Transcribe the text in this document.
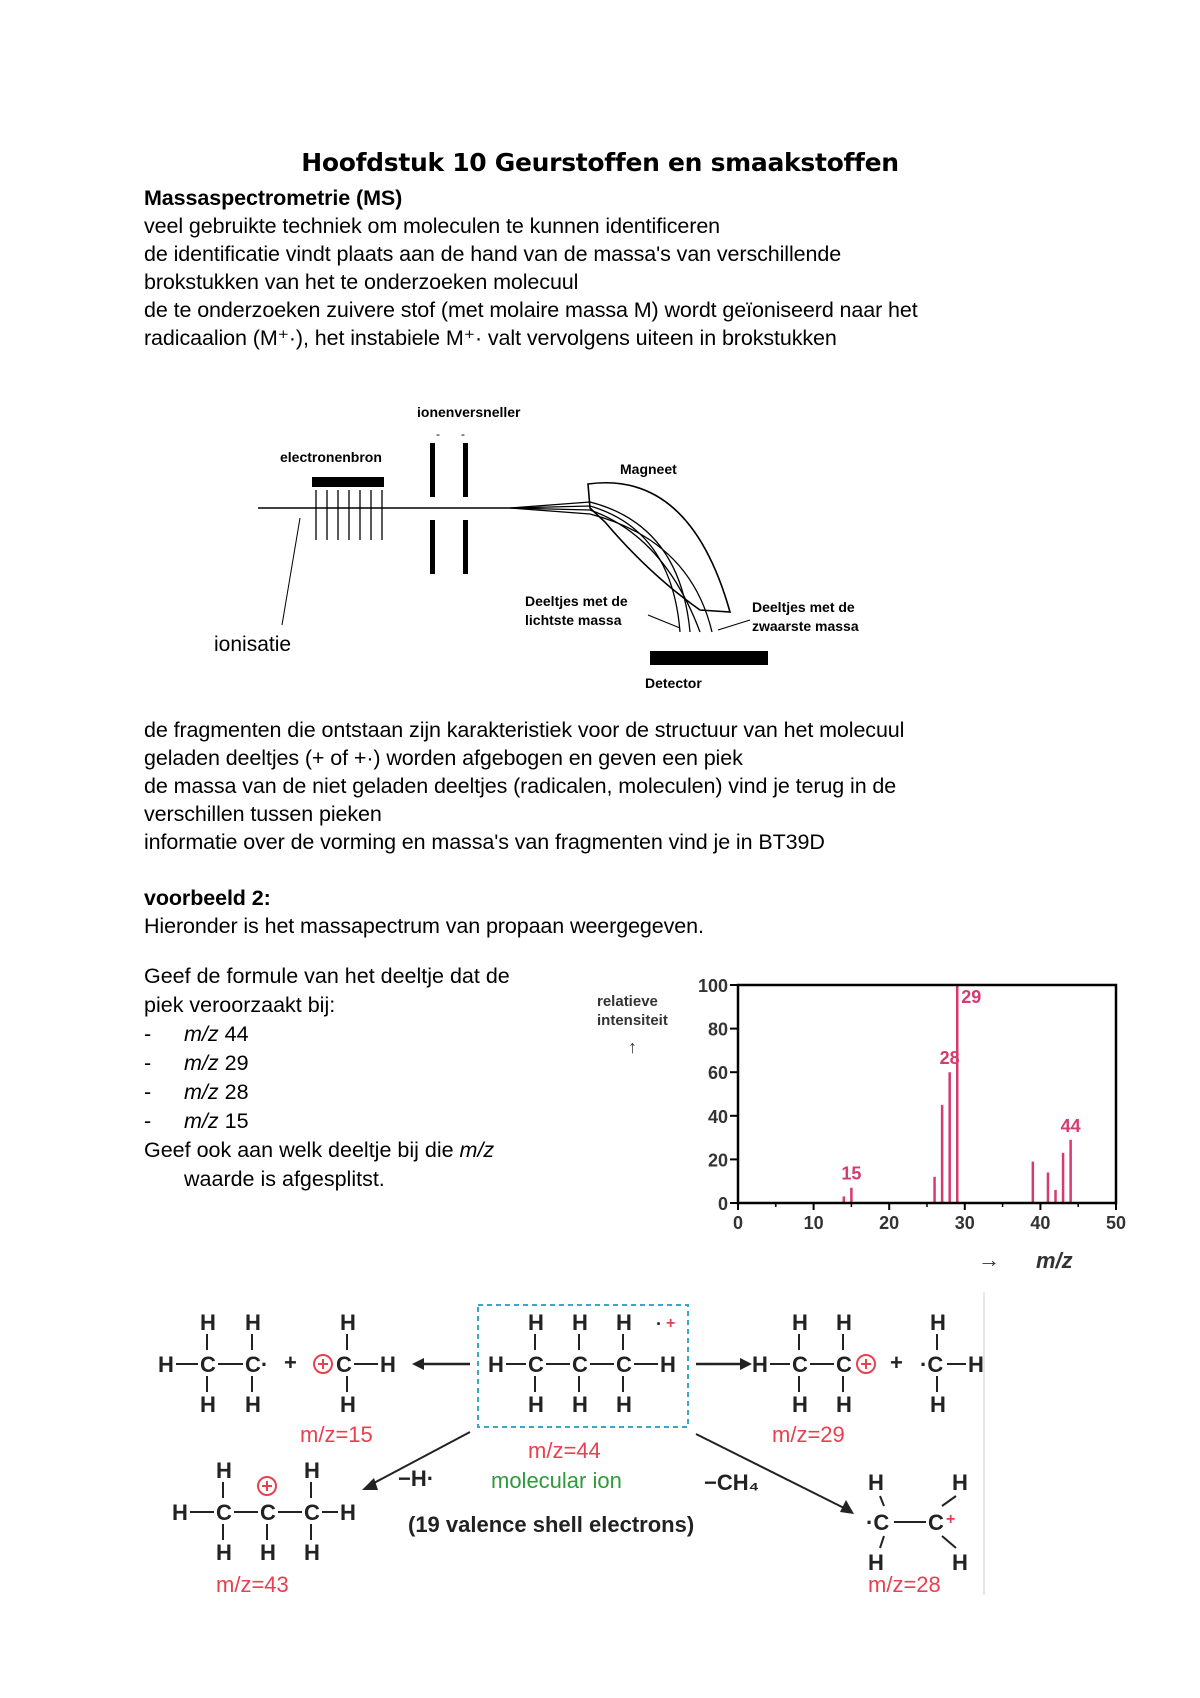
Hoofdstuk 10 Geurstoffen en smaakstoffen

Massaspectrometrie (MS)

veel gebruikte techniek om moleculen te kunnen identificeren

de identificatie vindt plaats aan de hand van de massa's van verschillende

brokstukken van het te onderzoeken molecuul

de te onderzoeken zuivere stof (met molaire massa M) wordt geïoniseerd naar het

radicaalion (M⁺·), het instabiele M⁺· valt vervolgens uiteen in brokstukken

ionenversneller
electronenbron
- -
Magneet
Deeltjes met de
lichtste massa
Deeltjes met de
zwaarste massa
Detector
ionisatie

de fragmenten die ontstaan zijn karakteristiek voor de structuur van het molecuul

geladen deeltjes (+ of +·) worden afgebogen en geven een piek

de massa van de niet geladen deeltjes (radicalen, moleculen) vind je terug in de

verschillen tussen pieken

informatie over de vorming en massa's van fragmenten vind je in BT39D

voorbeeld 2:

Hieronder is het massapectrum van propaan weergegeven.

Geef de formule van het deeltje dat de

piek veroorzaakt bij:

-	m/z 44
-	m/z 29
-	m/z 28
-	m/z 15

Geef ook aan welk deeltje bij die m/z

waarde is afgesplitst.

relatieve
intensiteit
↑
0	10	20	30	40	50
0
20
40
60
80
100
15
28
29
44
→ m/z
H H
H C C·
H H
+
H
C H
H
m/z=15
H H H
H C C C H
H H H
· +
m/z=44
molecular ion
H H
H C C
H H
+
H
·C H
H
m/z=29
−H·
H	H
H C C C H
H H H
m/z=43
(19 valence shell electrons)
−CH₄	H	H
·C C
H	H
+
m/z=28
